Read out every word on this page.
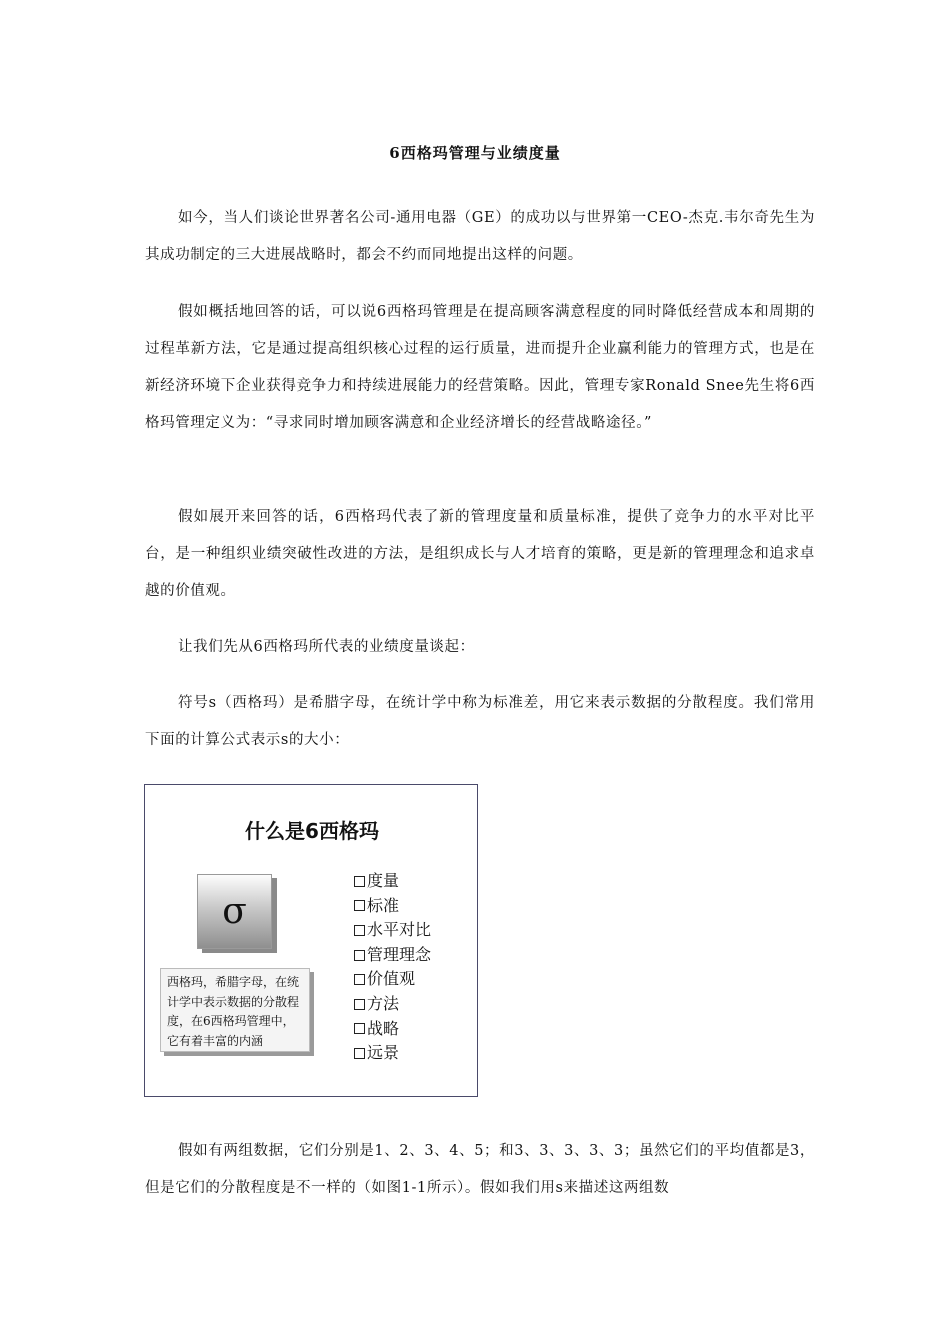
6西格玛管理与业绩度量

如今，当人们谈论世界著名公司-通用电器（GE）的成功以与世界第一CEO-杰克.韦尔奇先生为其成功制定的三大进展战略时，都会不约而同地提出这样的问题。

假如概括地回答的话，可以说6西格玛管理是在提高顾客满意程度的同时降低经营成本和周期的过程革新方法，它是通过提高组织核心过程的运行质量，进而提升企业赢利能力的管理方式，也是在新经济环境下企业获得竞争力和持续进展能力的经营策略。因此，管理专家Ronald Snee先生将6西格玛管理定义为：“寻求同时增加顾客满意和企业经济增长的经营战略途径。”

假如展开来回答的话，6西格玛代表了新的管理度量和质量标准，提供了竞争力的水平对比平台，是一种组织业绩突破性改进的方法，是组织成长与人才培育的策略，更是新的管理理念和追求卓越的价值观。

让我们先从6西格玛所代表的业绩度量谈起：

符号s（西格玛）是希腊字母，在统计学中称为标准差，用它来表示数据的分散程度。我们常用下面的计算公式表示s的大小：

什么是6西格玛
σ
西格玛，希腊字母，在统计学中表示数据的分散程度，在6西格玛管理中，它有着丰富的内涵
度量
标准
水平对比
管理理念
价值观
方法
战略
远景

假如有两组数据，它们分别是1、2、3、4、5；和3、3、3、3、3；虽然它们的平均值都是3，但是它们的分散程度是不一样的（如图1-1所示）。假如我们用s来描述这两组数
